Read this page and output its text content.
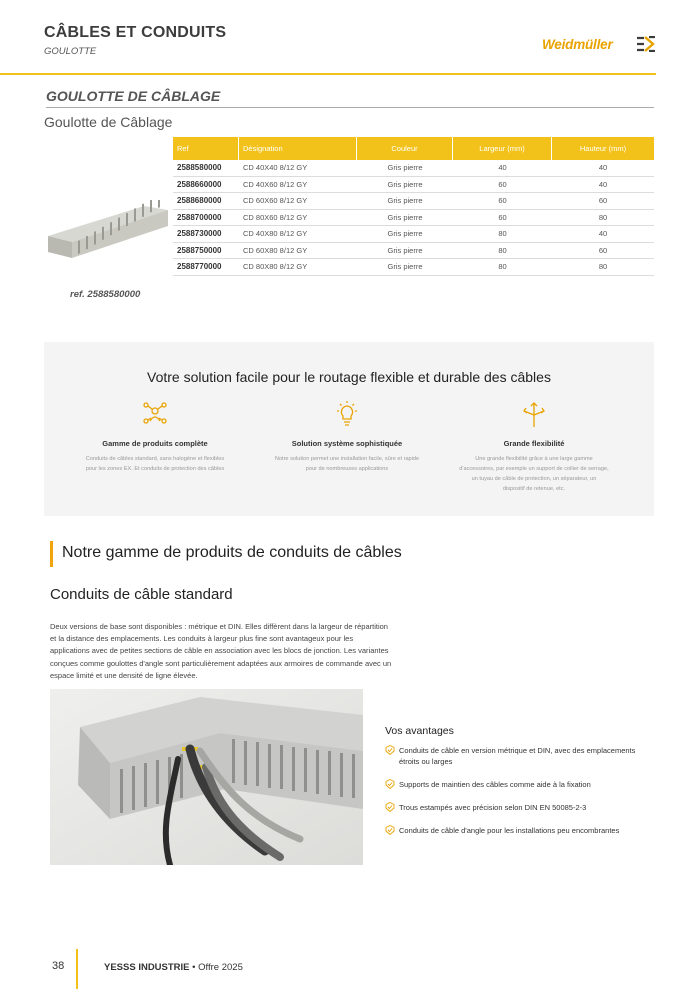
CÂBLES ET CONDUITS
GOULOTTE	Weidmüller
GOULOTTE DE CÂBLAGE
Goulotte de Câblage
ref. 2588580000
Ref	Désignation	Couleur	Largeur (mm)	Hauteur (mm)
2588580000	CD 40X40 8/12 GY	Gris pierre	40	40
2588660000	CD 40X60 8/12 GY	Gris pierre	60	40
2588680000	CD 60X60 8/12 GY	Gris pierre	60	60
2588700000	CD 80X60 8/12 GY	Gris pierre	60	80
2588730000	CD 40X80 8/12 GY	Gris pierre	80	40
2588750000	CD 60X80 8/12 GY	Gris pierre	80	60
2588770000	CD 80X80 8/12 GY	Gris pierre	80	80
Votre solution facile pour le routage flexible et durable des câbles
Gamme de produits complète
Conduits de câbles standard, sans halogène et flexibles
pour les zones EX. Et conduits de protection des câbles
Solution système sophistiquée
Notre solution permet une installation facile, sûre et rapide
pour de nombreuses applications
Grande flexibilité
Une grande flexibilité grâce à une large gamme
d'accessoires, par exemple un support de collier de serrage,
un tuyau de câble de protection, un séparateur, un
dispositif de retenue, etc.
Notre gamme de produits de conduits de câbles
Conduits de câble standard
Deux versions de base sont disponibles : métrique et DIN. Elles diffèrent dans la largeur de répartition
et la distance des emplacements. Les conduits à largeur plus fine sont avantageux pour les
applications avec de petites sections de câble en association avec les blocs de jonction. Les variantes
conçues comme goulottes d'angle sont particulièrement adaptées aux armoires de commande avec un
espace limité et une densité de ligne élevée.
Vos avantages
Conduits de câble en version métrique et DIN, avec des emplacements
étroits ou larges
Supports de maintien des câbles comme aide à la fixation
Trous estampés avec précision selon DIN EN 50085-2-3
Conduits de câble d'angle pour les installations peu encombrantes
38	YESSS INDUSTRIE • Offre 2025
